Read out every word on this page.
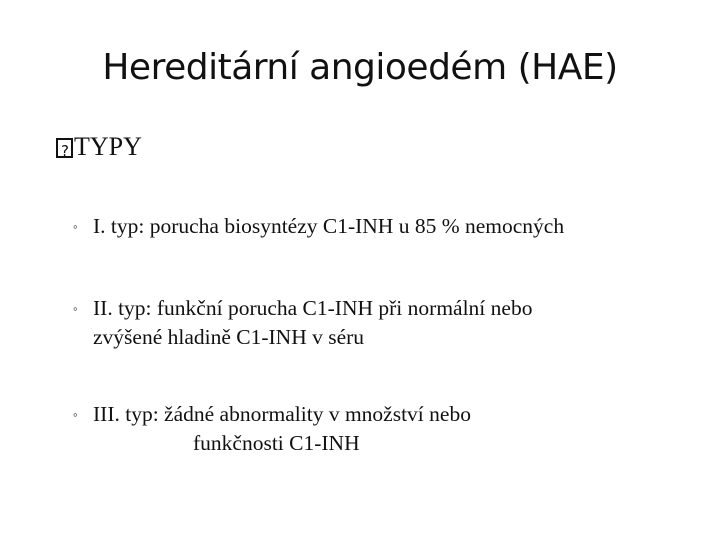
Hereditární angioedém (HAE)
?
TYPY
◦ I. typ: porucha biosyntézy C1-INH u 85 % nemocných
◦ II. typ: funkční porucha C1-INH při normální nebo
zvýšené hladině C1-INH v séru
◦ III. typ: žádné abnormality v množství nebo
funkčnosti C1-INH
